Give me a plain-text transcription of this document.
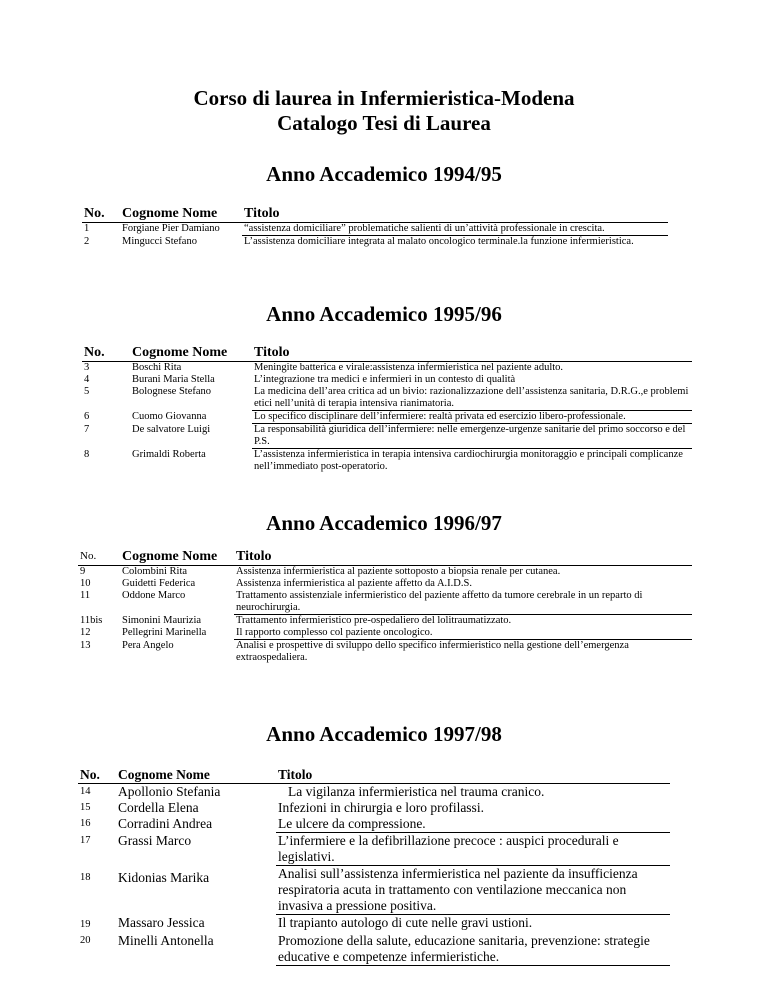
Corso di laurea in Infermieristica-Modena
Catalogo Tesi di Laurea
Anno Accademico 1994/95
No.	Cognome Nome	Titolo
1	Forgiane Pier Damiano	“assistenza domiciliare” problematiche salienti di un’attività professionale in crescita.
2	Mingucci Stefano	L’assistenza domiciliare integrata al malato oncologico terminale.la funzione infermieristica.
Anno Accademico 1995/96
No.	Cognome Nome	Titolo
3	Boschi Rita	Meningite batterica e virale:assistenza infermieristica nel paziente adulto.
4	Burani Maria Stella	L’integrazione tra medici e infermieri in un contesto di qualità
5	Bolognese Stefano	La medicina dell’area critica ad un bivio: razionalizzazione dell’assistenza sanitaria, D.R.G.,e problemi etici nell’unità di terapia intensiva rianimatoria.
6	Cuomo Giovanna	Lo specifico disciplinare dell’infermiere: realtà privata ed esercizio libero-professionale.
7	De salvatore Luigi	La responsabilità giuridica dell’infermiere: nelle emergenze-urgenze sanitarie del primo soccorso e del P.S.
8	Grimaldi Roberta	L’assistenza infermieristica in terapia intensiva cardiochirurgia monitoraggio e principali complicanze nell’immediato post-operatorio.
Anno Accademico 1996/97
No.	Cognome Nome	Titolo
9	Colombini Rita	Assistenza infermieristica al paziente sottoposto a biopsia renale per cutanea.
10	Guidetti Federica	Assistenza infermieristica al paziente affetto da A.I.D.S.
11	Oddone Marco	Trattamento assistenziale infermieristico del paziente affetto da tumore cerebrale in un reparto di neurochirurgia.
11bis	Simonini Maurizia	Trattamento infermieristico pre-ospedaliero del lolitraumatizzato.
12	Pellegrini Marinella	Il rapporto complesso col paziente oncologico.
13	Pera Angelo	Analisi e prospettive di sviluppo dello specifico infermieristico nella gestione dell’emergenza extraospedaliera.
Anno Accademico 1997/98
No.	Cognome Nome	Titolo
14	Apollonio Stefania	La vigilanza infermieristica nel trauma cranico.
15	Cordella Elena	Infezioni in chirurgia e loro profilassi.
16	Corradini Andrea	Le ulcere da compressione.
17	Grassi Marco	L’infermiere e la defibrillazione precoce : auspici procedurali e legislativi.
18	Kidonias Marika	Analisi sull’assistenza infermieristica nel paziente da insufficienza respiratoria acuta in trattamento con ventilazione meccanica non invasiva a pressione positiva.
19	Massaro Jessica	Il trapianto autologo di cute nelle gravi ustioni.
20	Minelli Antonella	Promozione della salute, educazione sanitaria, prevenzione: strategie educative e competenze infermieristiche.
